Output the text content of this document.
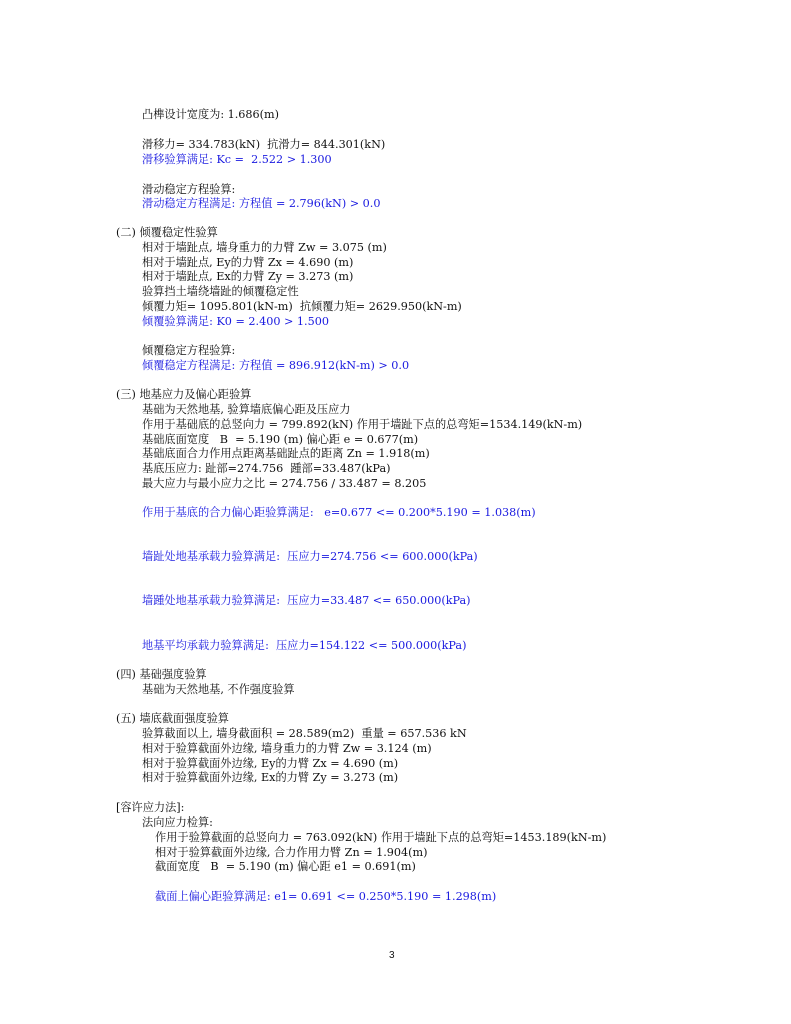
凸榫设计宽度为: 1.686(m)
滑移力= 334.783(kN)  抗滑力= 844.301(kN)
滑移验算满足: Kc =  2.522 > 1.300
滑动稳定方程验算:
滑动稳定方程满足: 方程值 = 2.796(kN) > 0.0
(二) 倾覆稳定性验算
相对于墙趾点, 墙身重力的力臂 Zw = 3.075 (m)
相对于墙趾点, Ey的力臂 Zx = 4.690 (m)
相对于墙趾点, Ex的力臂 Zy = 3.273 (m)
验算挡土墙绕墙趾的倾覆稳定性
倾覆力矩= 1095.801(kN-m)  抗倾覆力矩= 2629.950(kN-m)
倾覆验算满足: K0 = 2.400 > 1.500
倾覆稳定方程验算:
倾覆稳定方程满足: 方程值 = 896.912(kN-m) > 0.0
(三) 地基应力及偏心距验算
基础为天然地基, 验算墙底偏心距及压应力
作用于基础底的总竖向力 = 799.892(kN) 作用于墙趾下点的总弯矩=1534.149(kN-m)
基础底面宽度   B  = 5.190 (m) 偏心距 e = 0.677(m)
基础底面合力作用点距离基础趾点的距离 Zn = 1.918(m)
基底压应力: 趾部=274.756  踵部=33.487(kPa)
最大应力与最小应力之比 = 274.756 / 33.487 = 8.205
作用于基底的合力偏心距验算满足:   e=0.677 <= 0.200*5.190 = 1.038(m)
墙趾处地基承载力验算满足:  压应力=274.756 <= 600.000(kPa)
墙踵处地基承载力验算满足:  压应力=33.487 <= 650.000(kPa)
地基平均承载力验算满足:  压应力=154.122 <= 500.000(kPa)
(四) 基础强度验算
基础为天然地基, 不作强度验算
(五) 墙底截面强度验算
验算截面以上, 墙身截面积 = 28.589(m2)  重量 = 657.536 kN
相对于验算截面外边缘, 墙身重力的力臂 Zw = 3.124 (m)
相对于验算截面外边缘, Ey的力臂 Zx = 4.690 (m)
相对于验算截面外边缘, Ex的力臂 Zy = 3.273 (m)
[容许应力法]:
法向应力检算:
作用于验算截面的总竖向力 = 763.092(kN) 作用于墙趾下点的总弯矩=1453.189(kN-m)
相对于验算截面外边缘, 合力作用力臂 Zn = 1.904(m)
截面宽度   B  = 5.190 (m) 偏心距 e1 = 0.691(m)
截面上偏心距验算满足: e1= 0.691 <= 0.250*5.190 = 1.298(m)
3
